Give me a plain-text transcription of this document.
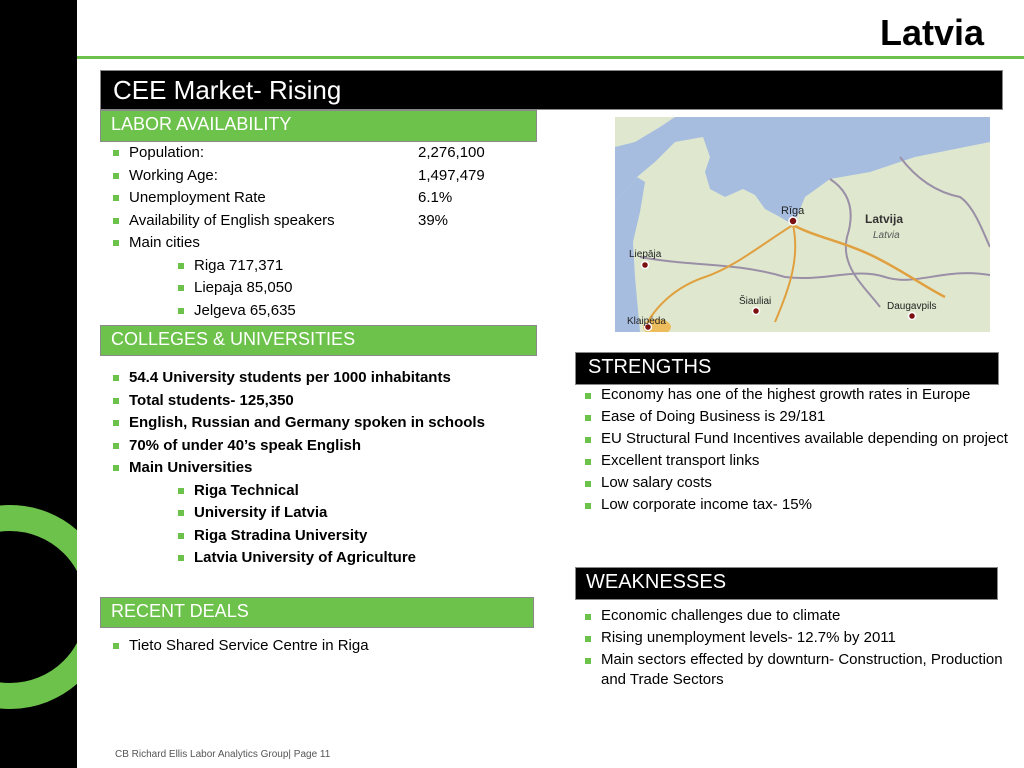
Latvia
CEE Market- Rising
LABOR AVAILABILITY
Population:	2,276,100
Working Age:	1,497,479
Unemployment Rate	6.1%
Availability of English speakers	39%
Main cities
Riga 717,371
Liepaja 85,050
Jelgeva 65,635
Rīga
Liepāja
Šiauliai	Daugavpils
Klaipėda
Latvija
Latvia
COLLEGES & UNIVERSITIES
54.4 University students per 1000 inhabitants
Total students- 125,350
English, Russian and Germany spoken in schools
70% of under 40’s speak English
Main Universities
Riga Technical
University if Latvia
Riga Stradina University
Latvia University of Agriculture
RECENT DEALS
Tieto Shared Service Centre in Riga
STRENGTHS
Economy has one of the highest growth rates in Europe
Ease of Doing Business is 29/181
EU Structural Fund Incentives available depending on project
Excellent transport links
Low salary costs
Low corporate income tax- 15%
WEAKNESSES
Economic challenges due to climate
Rising unemployment levels- 12.7% by 2011
Main sectors effected by downturn- Construction, Production and Trade Sectors
CB Richard Ellis Labor Analytics Group| Page 11
